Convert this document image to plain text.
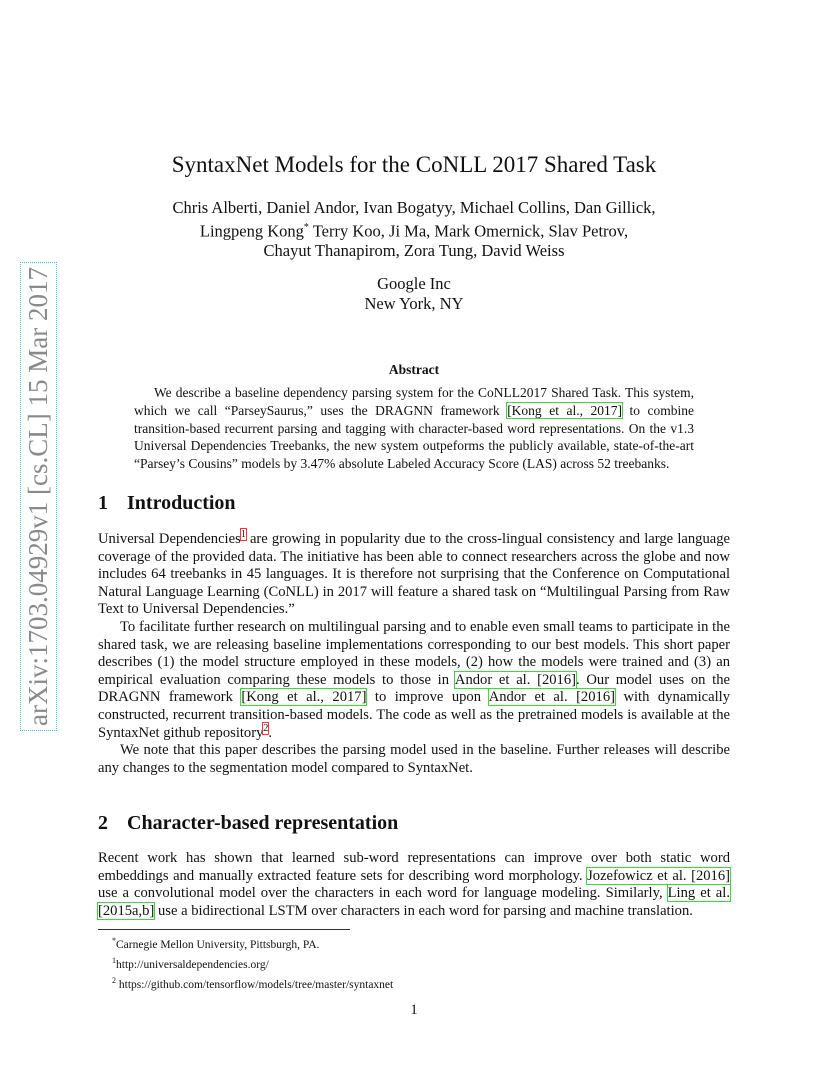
arXiv:1703.04929v1 [cs.CL] 15 Mar 2017
SyntaxNet Models for the CoNLL 2017 Shared Task
Chris Alberti, Daniel Andor, Ivan Bogatyy, Michael Collins, Dan Gillick,
Lingpeng Kong* Terry Koo, Ji Ma, Mark Omernick, Slav Petrov,
Chayut Thanapirom, Zora Tung, David Weiss
Google Inc
New York, NY
Abstract

We describe a baseline dependency parsing system for the CoNLL2017 Shared Task. This system, which we call “ParseySaurus,” uses the DRAGNN framework [Kong et al., 2017] to combine transition-based recurrent parsing and tagging with character-based word representations. On the v1.3 Universal Dependencies Treebanks, the new system outpeforms the publicly available, state-of-the-art “Parsey’s Cousins” models by 3.47% absolute Labeled Accuracy Score (LAS) across 52 treebanks.

1 Introduction

Universal Dependencies$^1$ are growing in popularity due to the cross-lingual consistency and large language coverage of the provided data. The initiative has been able to connect researchers across the globe and now includes 64 treebanks in 45 languages. It is therefore not surprising that the Conference on Computational Natural Language Learning (CoNLL) in 2017 will feature a shared task on “Multilingual Parsing from Raw Text to Universal Dependencies.”

To facilitate further research on multilingual parsing and to enable even small teams to participate in the shared task, we are releasing baseline implementations corresponding to our best models. This short paper describes (1) the model structure employed in these models, (2) how the models were trained and (3) an empirical evaluation comparing these models to those in Andor et al. [2016]. Our model uses on the DRAGNN framework [Kong et al., 2017] to improve upon Andor et al. [2016] with dynamically constructed, recurrent transition-based models. The code as well as the pretrained models is available at the SyntaxNet github repository$^2$.

We note that this paper describes the parsing model used in the baseline. Further releases will describe any changes to the segmentation model compared to SyntaxNet.

2 Character-based representation

Recent work has shown that learned sub-word representations can improve over both static word embeddings and manually extracted feature sets for describing word morphology. Jozefowicz et al. [2016] use a convolutional model over the characters in each word for language modeling. Similarly, Ling et al. [2015a,b] use a bidirectional LSTM over characters in each word for parsing and machine translation.

*Carnegie Mellon University, Pittsburgh, PA.
$^1$http://universaldependencies.org/
$^2$ https://github.com/tensorflow/models/tree/master/syntaxnet
1
